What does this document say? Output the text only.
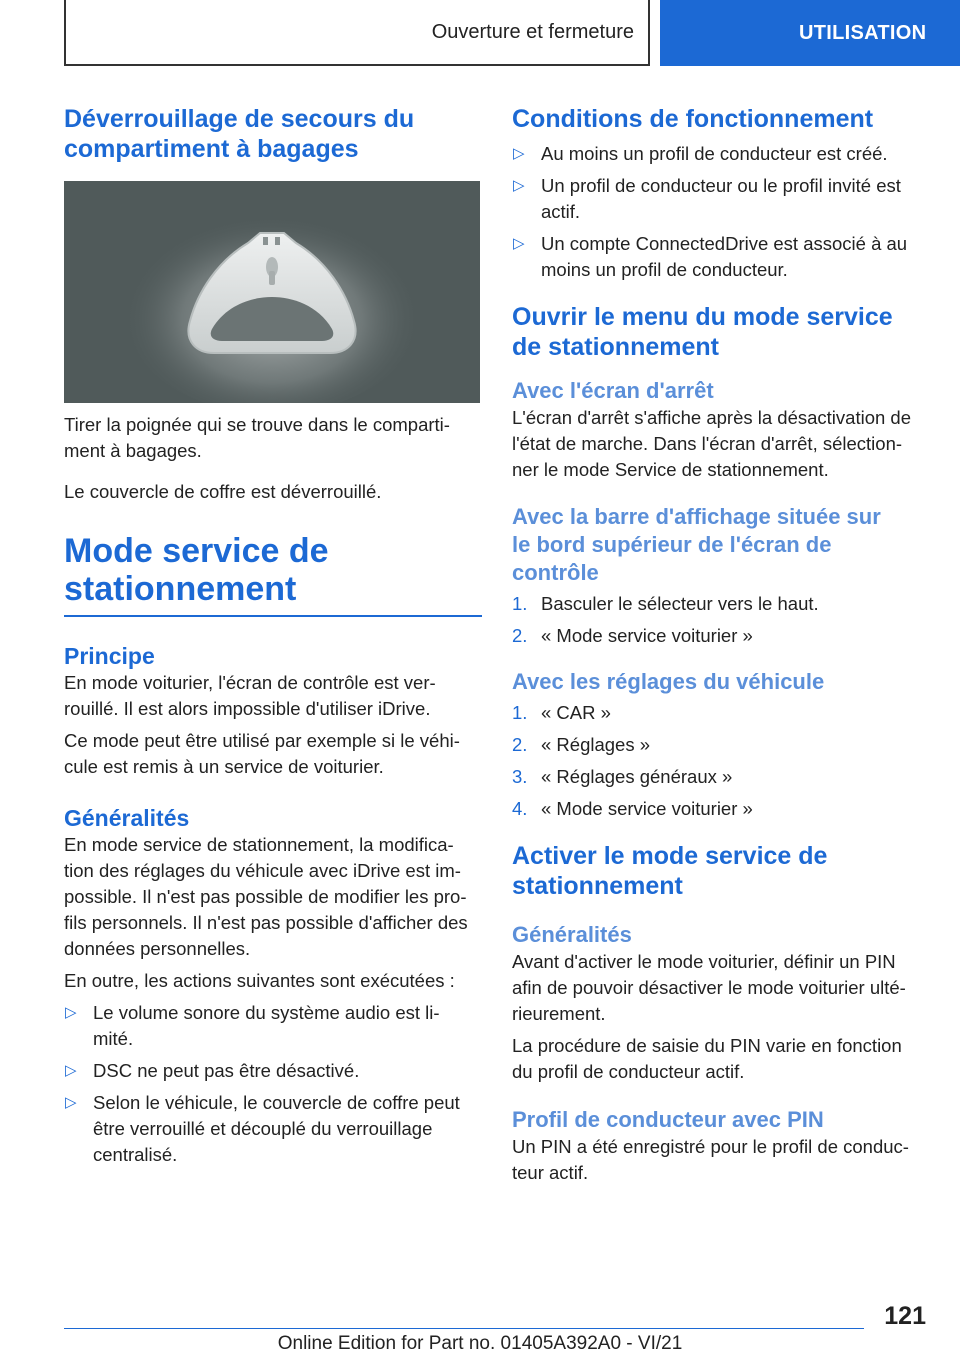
Ouverture et fermeture	UTILISATION
Déverrouillage de secours du
compartiment à bagages

Tirer la poignée qui se trouve dans le comparti-
ment à bagages.

Le couvercle de coffre est déverrouillé.

Mode service de
stationnement
Principe

En mode voiturier, l'écran de contrôle est ver-
rouillé. Il est alors impossible d'utiliser iDrive.

Ce mode peut être utilisé par exemple si le véhi-
cule est remis à un service de voiturier.

Généralités

En mode service de stationnement, la modifica-
tion des réglages du véhicule avec iDrive est im-
possible. Il n'est pas possible de modifier les pro-
fils personnels. Il n'est pas possible d'afficher des
données personnelles.

En outre, les actions suivantes sont exécutées :

▷ Le volume sonore du système audio est li-
mité.
▷ DSC ne peut pas être désactivé.
▷ Selon le véhicule, le couvercle de coffre peut
être verrouillé et découplé du verrouillage
centralisé.
Conditions de fonctionnement
▷ Au moins un profil de conducteur est créé.
▷ Un profil de conducteur ou le profil invité est
actif.
▷ Un compte ConnectedDrive est associé à au
moins un profil de conducteur.
Ouvrir le menu du mode service
de stationnement
Avec l'écran d'arrêt

L'écran d'arrêt s'affiche après la désactivation de
l'état de marche. Dans l'écran d'arrêt, sélection-
ner le mode Service de stationnement.

Avec la barre d'affichage située sur
le bord supérieur de l'écran de
contrôle
1. Basculer le sélecteur vers le haut.
2. « Mode service voiturier »
Avec les réglages du véhicule
1. « CAR »
2. « Réglages »
3. « Réglages généraux »
4. « Mode service voiturier »
Activer le mode service de
stationnement
Généralités

Avant d'activer le mode voiturier, définir un PIN
afin de pouvoir désactiver le mode voiturier ulté-
rieurement.

La procédure de saisie du PIN varie en fonction
du profil de conducteur actif.

Profil de conducteur avec PIN

Un PIN a été enregistré pour le profil de conduc-
teur actif.

121
Online Edition for Part no. 01405A392A0 - VI/21
